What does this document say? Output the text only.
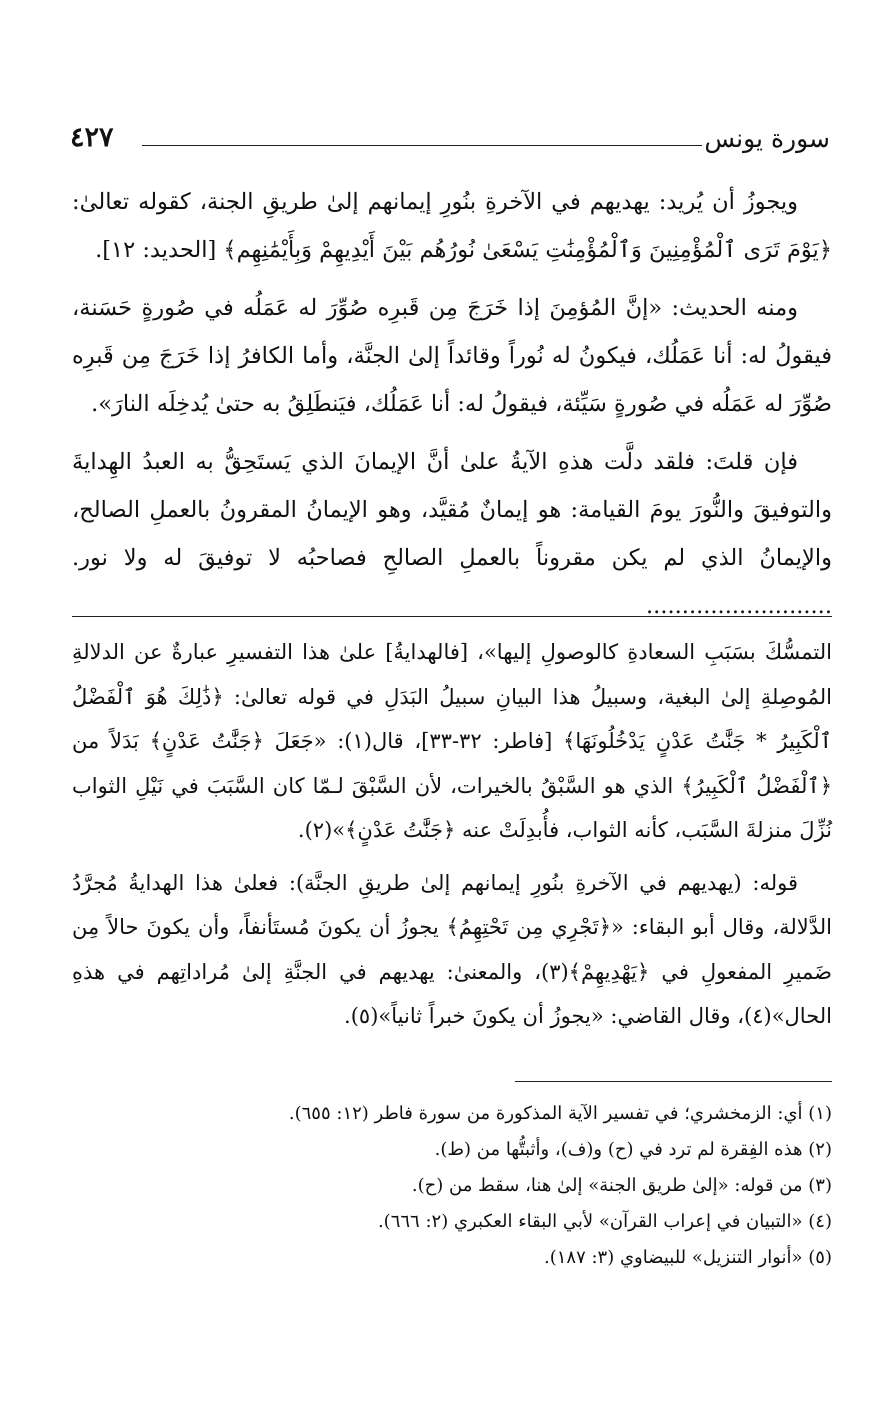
سورة يونس
٤٢٧

ويجوزُ أن يُريد: يهديهم في الآخرةِ بنُورِ إيمانهم إلىٰ طريقِ الجنة، كقوله تعالىٰ: ﴿يَوْمَ تَرَى ٱلْمُؤْمِنِينَ وَٱلْمُؤْمِنَٰتِ يَسْعَىٰ نُورُهُم بَيْنَ أَيْدِيهِمْ وَبِأَيْمَٰنِهِم﴾ [الحديد: ١٢].

ومنه الحديث: «إنَّ المُؤمِنَ إذا خَرَجَ مِن قَبرِه صُوِّرَ له عَمَلُه في صُورةٍ حَسَنة، فيقولُ له: أنا عَمَلُك، فيكونُ له نُوراً وقائداً إلىٰ الجنَّة، وأما الكافرُ إذا خَرَجَ مِن قَبرِه صُوِّرَ له عَمَلُه في صُورةٍ سَيِّئة، فيقولُ له: أنا عَمَلُك، فيَنطَلِقُ به حتىٰ يُدخِلَه النارَ».

فإن قلتَ: فلقد دلَّت هذهِ الآيةُ علىٰ أنَّ الإيمانَ الذي يَستَحِقُّ به العبدُ الهِدايةَ والتوفيقَ والنُّورَ يومَ القيامة: هو إيمانٌ مُقيَّد، وهو الإيمانُ المقرونُ بالعملِ الصالح، والإيمانُ الذي لم يكن مقروناً بالعملِ الصالحِ فصاحبُه لا توفيقَ له ولا نور. ..........................

التمسُّكَ بسَبَبِ السعادةِ كالوصولِ إليها»، [فالهدايةُ] علىٰ هذا التفسيرِ عبارةٌ عن الدلالةِ المُوصِلةِ إلىٰ البغية، وسبيلُ هذا البيانِ سبيلُ البَدَلِ في قوله تعالىٰ: ﴿ذَٰلِكَ هُوَ ٱلْفَضْلُ ٱلْكَبِيرُ * جَنَّٰتُ عَدْنٍ يَدْخُلُونَهَا﴾ [فاطر: ٣٢-٣٣]، قال(١): «جَعَلَ ﴿جَنَّٰتُ عَدْنٍ﴾ بَدَلاً من ﴿ٱلْفَضْلُ ٱلْكَبِيرُ﴾ الذي هو السَّبْقُ بالخيرات، لأن السَّبْقَ لـمّا كان السَّبَبَ في نَيْلِ الثواب نُزِّلَ منزلةَ السَّبَب، كأنه الثواب، فأُبدِلَتْ عنه ﴿جَنَّٰتُ عَدْنٍ﴾»(٢).

قوله: (يهديهم في الآخرةِ بنُورِ إيمانهم إلىٰ طريقِ الجنَّة): فعلىٰ هذا الهدايةُ مُجرَّدُ الدَّلالة، وقال أبو البقاء: «﴿تَجْرِي مِن تَحْتِهِمُ﴾ يجوزُ أن يكونَ مُستَأنفاً، وأن يكونَ حالاً مِن ضَميرِ المفعولِ في ﴿يَهْدِيهِمْ﴾(٣)، والمعنىٰ: يهديهم في الجنَّةِ إلىٰ مُراداتِهم في هذهِ الحال»(٤)، وقال القاضي: «يجوزُ أن يكونَ خبراً ثانياً»(٥).

(١) أي: الزمخشري؛ في تفسير الآية المذكورة من سورة فاطر (١٢: ٦٥٥).
(٢) هذه الفِقرة لم ترد في (ح) و(ف)، وأثبتُّها من (ط).
(٣) من قوله: «إلىٰ طريق الجنة» إلىٰ هنا، سقط من (ح).
(٤) «التبيان في إعراب القرآن» لأبي البقاء العكبري (٢: ٦٦٦).
(٥) «أنوار التنزيل» للبيضاوي (٣: ١٨٧).
